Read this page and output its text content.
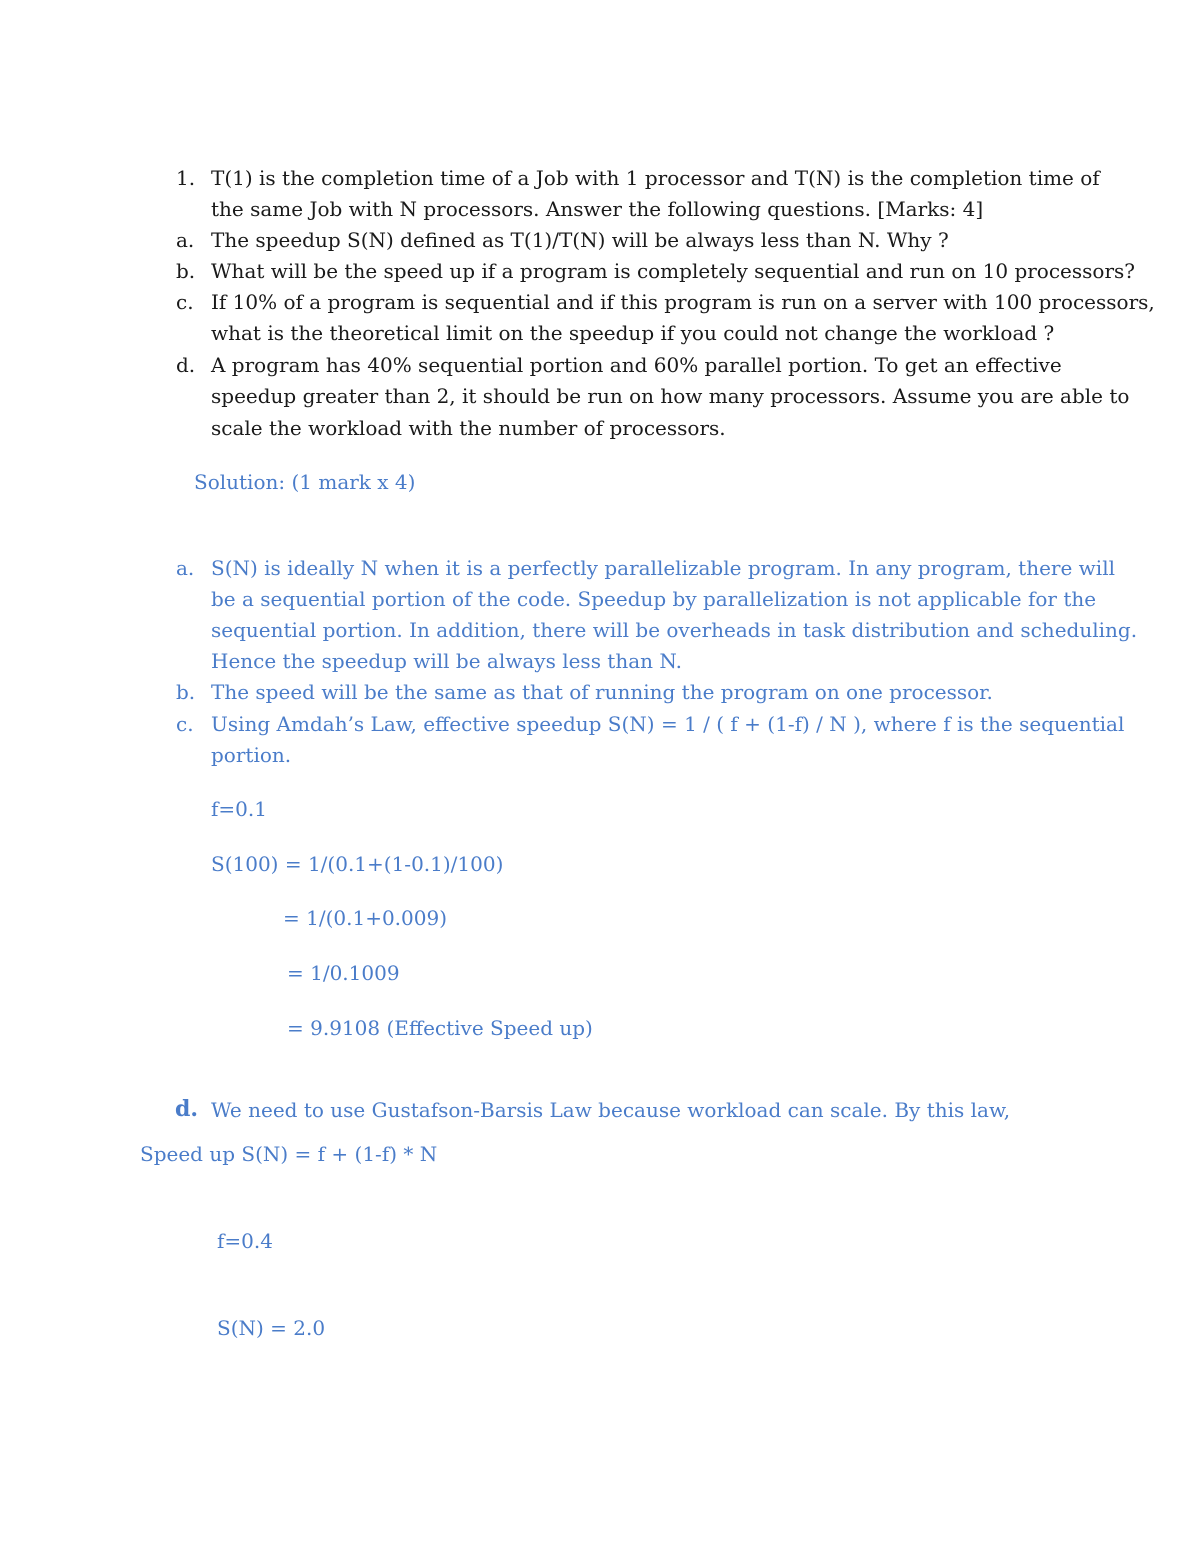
1. T(1) is the completion time of a Job with 1 processor and T(N) is the completion time of
the same Job with N processors. Answer the following questions. [Marks: 4]
a. The speedup S(N) defined as T(1)/T(N) will be always less than N. Why ?
b. What will be the speed up if a program is completely sequential and run on 10 processors?
c. If 10% of a program is sequential and if this program is run on a server with 100 processors,
what is the theoretical limit on the speedup if you could not change the workload ?
d. A program has 40% sequential portion and 60% parallel portion. To get an effective
speedup greater than 2, it should be run on how many processors. Assume you are able to
scale the workload with the number of processors.
Solution: (1 mark x 4)
a. S(N) is ideally N when it is a perfectly parallelizable program. In any program, there will
be a sequential portion of the code. Speedup by parallelization is not applicable for the
sequential portion. In addition, there will be overheads in task distribution and scheduling.
Hence the speedup will be always less than N.
b. The speed will be the same as that of running the program on one processor.
c. Using Amdah’s Law, effective speedup S(N) = 1 / ( f + (1-f) / N ), where f is the sequential
portion.
f=0.1
S(100) = 1/(0.1+(1-0.1)/100)
= 1/(0.1+0.009)
= 1/0.1009
= 9.9108 (Effective Speed up)
d. We need to use Gustafson-Barsis Law because workload can scale. By this law,
Speed up S(N) = f + (1-f) * N
f=0.4
S(N) = 2.0
